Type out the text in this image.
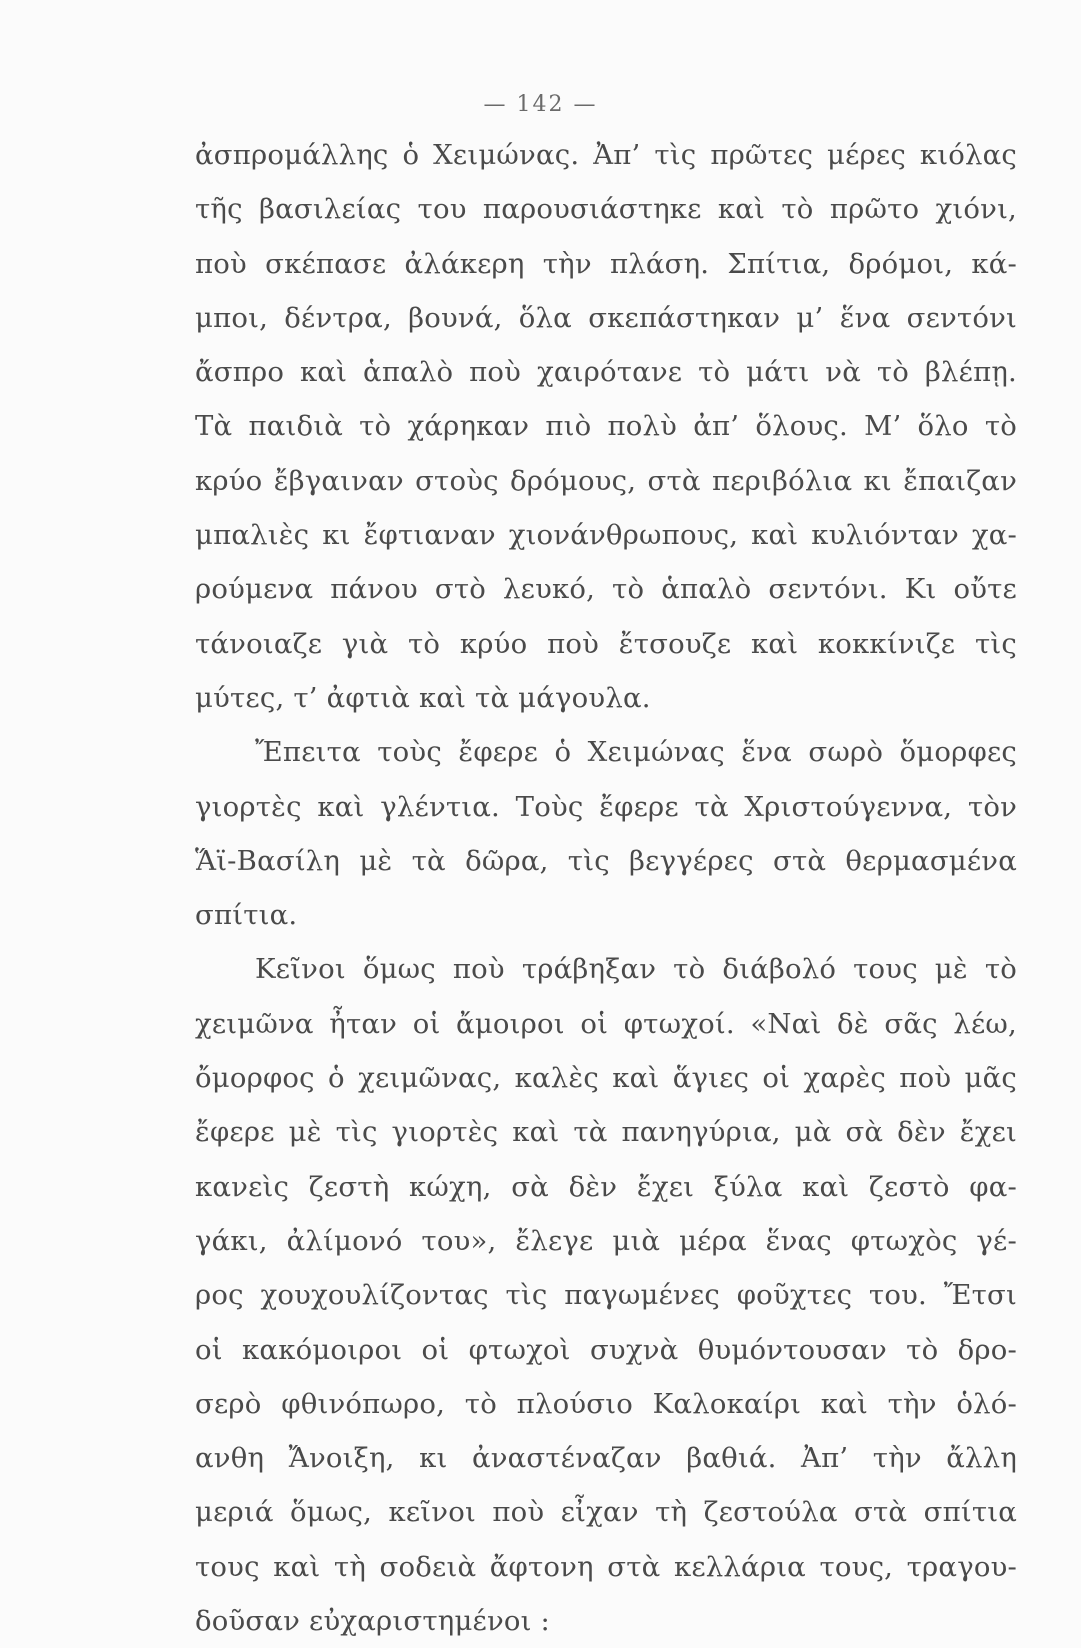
— 142 —
ἀσπρομάλλης ὁ Χειμώνας. Ἀπ’ τὶς πρῶτες μέρες κιόλας
τῆς βασιλείας του παρουσιάστηκε καὶ τὸ πρῶτο χιόνι,
ποὺ σκέπασε ἀλάκερη τὴν πλάση. Σπίτια, δρόμοι, κά-
μποι, δέντρα, βουνά, ὅλα σκεπάστηκαν μ’ ἕνα σεντόνι
ἄσπρο καὶ ἁπαλὸ ποὺ χαιρότανε τὸ μάτι νὰ τὸ βλέπῃ.
Τὰ παιδιὰ τὸ χάρηκαν πιὸ πολὺ ἀπ’ ὅλους. Μ’ ὅλο τὸ
κρύο ἔβγαιναν στοὺς δρόμους, στὰ περιβόλια κι ἔπαιζαν
μπαλιὲς κι ἔφτιαναν χιονάνθρωπους, καὶ κυλιόνταν χα-
ρούμενα πάνου στὸ λευκό, τὸ ἁπαλὸ σεντόνι. Κι οὔτε
τάνοιαζε γιὰ τὸ κρύο ποὺ ἔτσουζε καὶ κοκκίνιζε τὶς
μύτες, τ’ ἀφτιὰ καὶ τὰ μάγουλα.
Ἔπειτα τοὺς ἔφερε ὁ Χειμώνας ἕνα σωρὸ ὅμορφες
γιορτὲς καὶ γλέντια. Τοὺς ἔφερε τὰ Χριστούγεννα, τὸν
Ἅϊ-Βασίλη μὲ τὰ δῶρα, τὶς βεγγέρες στὰ θερμασμένα
σπίτια.
Κεῖνοι ὅμως ποὺ τράβηξαν τὸ διάβολό τους μὲ τὸ
χειμῶνα ἦταν οἱ ἄμοιροι οἱ φτωχοί. «Ναὶ δὲ σᾶς λέω,
ὄμορφος ὁ χειμῶνας, καλὲς καὶ ἅγιες οἱ χαρὲς ποὺ μᾶς
ἔφερε μὲ τὶς γιορτὲς καὶ τὰ πανηγύρια, μὰ σὰ δὲν ἔχει
κανεὶς ζεστὴ κώχη, σὰ δὲν ἔχει ξύλα καὶ ζεστὸ φα-
γάκι, ἀλίμονό του», ἔλεγε μιὰ μέρα ἕνας φτωχὸς γέ-
ρος χουχουλίζοντας τὶς παγωμένες φοῦχτες του. Ἔτσι
οἱ κακόμοιροι οἱ φτωχοὶ συχνὰ θυμόντουσαν τὸ δρο-
σερὸ φθινόπωρο, τὸ πλούσιο Καλοκαίρι καὶ τὴν ὁλό-
ανθη Ἄνοιξη, κι ἀναστέναζαν βαθιά. Ἀπ’ τὴν ἄλλη
μεριά ὅμως, κεῖνοι ποὺ εἶχαν τὴ ζεστούλα στὰ σπίτια
τους καὶ τὴ σοδειὰ ἄφτονη στὰ κελλάρια τους, τραγου-
δοῦσαν εὐχαριστημένοι :
